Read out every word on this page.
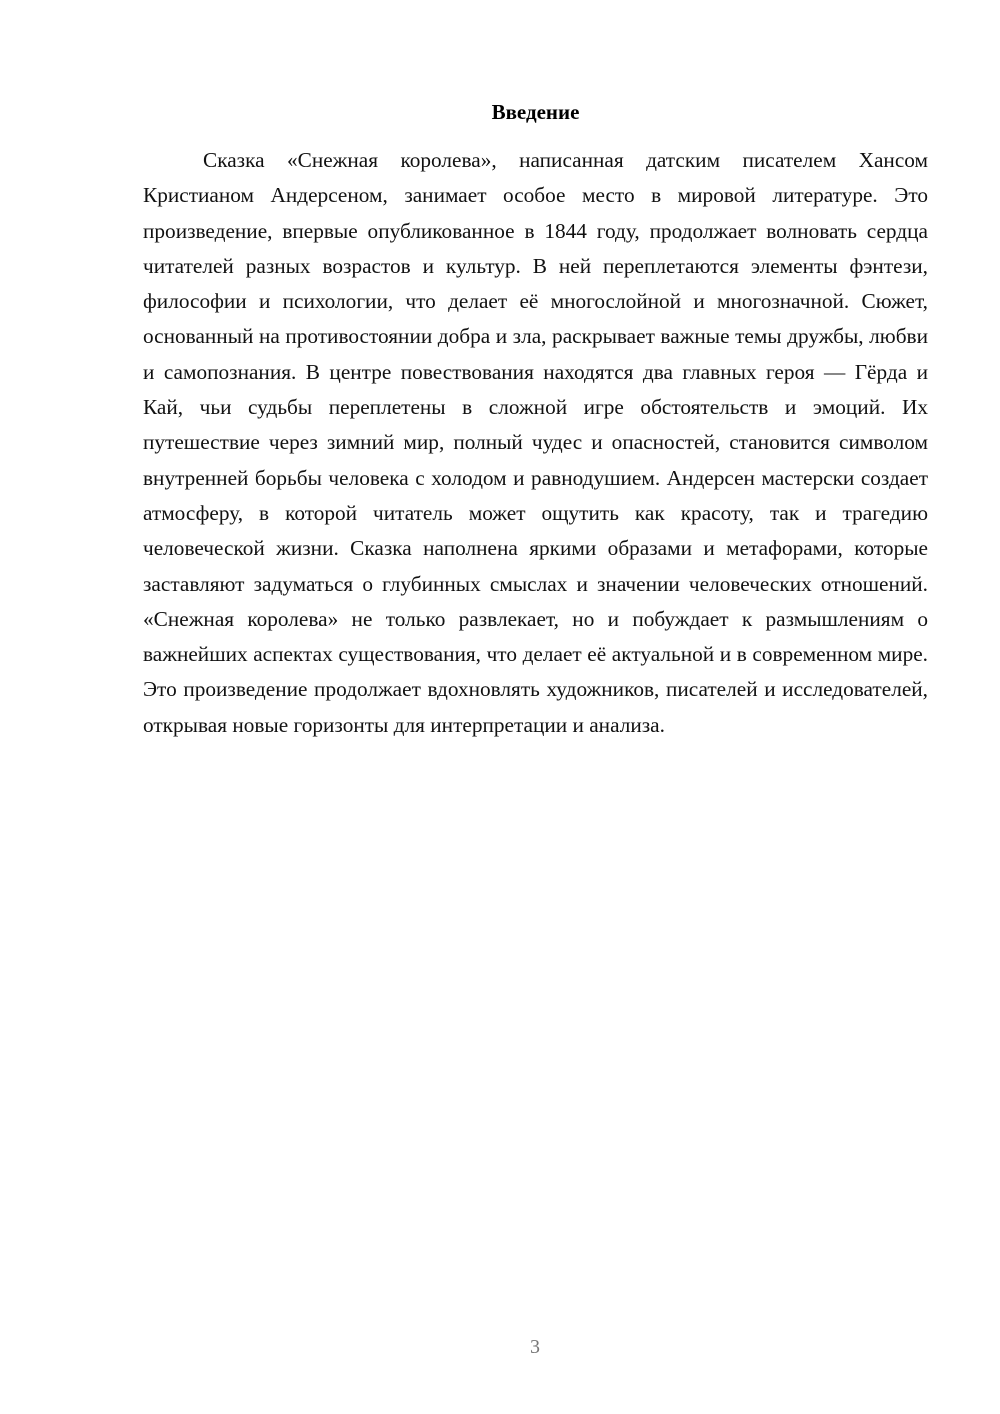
Введение

Сказка «Снежная королева», написанная датским писателем Хансом Кристианом Андерсеном, занимает особое место в мировой литературе. Это произведение, впервые опубликованное в 1844 году, продолжает волновать сердца читателей разных возрастов и культур. В ней переплетаются элементы фэнтези, философии и психологии, что делает её многослойной и многозначной. Сюжет, основанный на противостоянии добра и зла, раскрывает важные темы дружбы, любви и самопознания. В центре повествования находятся два главных героя — Гёрда и Кай, чьи судьбы переплетены в сложной игре обстоятельств и эмоций. Их путешествие через зимний мир, полный чудес и опасностей, становится символом внутренней борьбы человека с холодом и равнодушием. Андерсен мастерски создает атмосферу, в которой читатель может ощутить как красоту, так и трагедию человеческой жизни. Сказка наполнена яркими образами и метафорами, которые заставляют задуматься о глубинных смыслах и значении человеческих отношений. «Снежная королева» не только развлекает, но и побуждает к размышлениям о важнейших аспектах существования, что делает её актуальной и в современном мире. Это произведение продолжает вдохновлять художников, писателей и исследователей, открывая новые горизонты для интерпретации и анализа.

3
